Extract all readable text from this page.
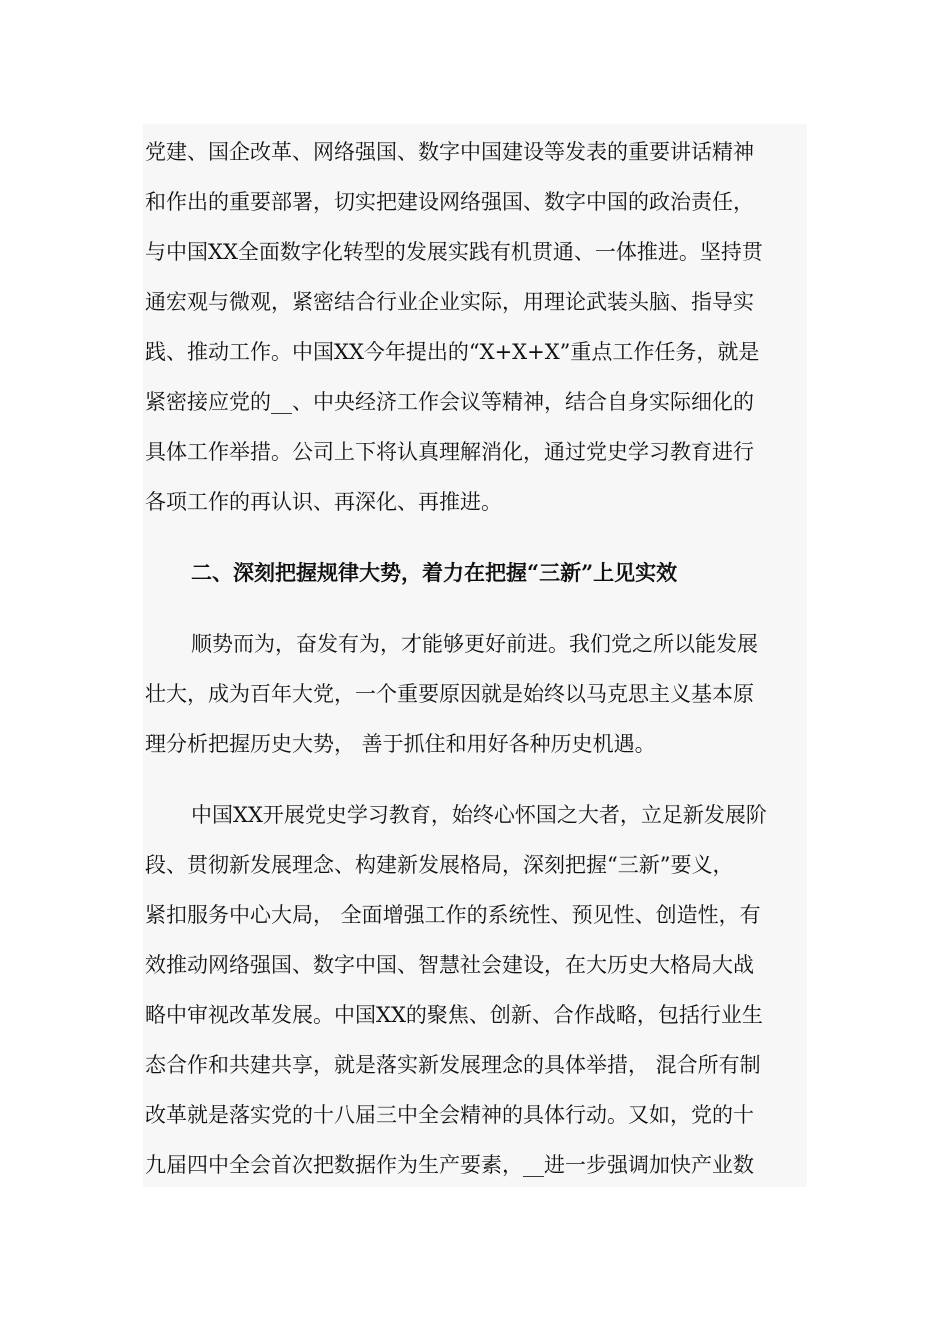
党建、国企改革、网络强国、数字中国建设等发表的重要讲话精神
和作出的重要部署，切实把建设网络强国、数字中国的政治责任，
与中国XX全面数字化转型的发展实践有机贯通、一体推进。坚持贯
通宏观与微观，紧密结合行业企业实际，用理论武装头脑、指导实
践、推动工作。中国XX今年提出的“X+X+X”重点工作任务，就是
紧密接应党的__、中央经济工作会议等精神，结合自身实际细化的
具体工作举措。公司上下将认真理解消化，通过党史学习教育进行
各项工作的再认识、再深化、再推进。
二、深刻把握规律大势，着力在把握“三新”上见实效
顺势而为，奋发有为，才能够更好前进。我们党之所以能发展
壮大，成为百年大党，一个重要原因就是始终以马克思主义基本原
理分析把握历史大势， 善于抓住和用好各种历史机遇。
中国XX开展党史学习教育，始终心怀国之大者，立足新发展阶
段、贯彻新发展理念、构建新发展格局，深刻把握“三新”要义，
紧扣服务中心大局， 全面增强工作的系统性、预见性、创造性，有
效推动网络强国、数字中国、智慧社会建设，在大历史大格局大战
略中审视改革发展。中国XX的聚焦、创新、合作战略，包括行业生
态合作和共建共享，就是落实新发展理念的具体举措， 混合所有制
改革就是落实党的十八届三中全会精神的具体行动。又如，党的十
九届四中全会首次把数据作为生产要素，__进一步强调加快产业数
